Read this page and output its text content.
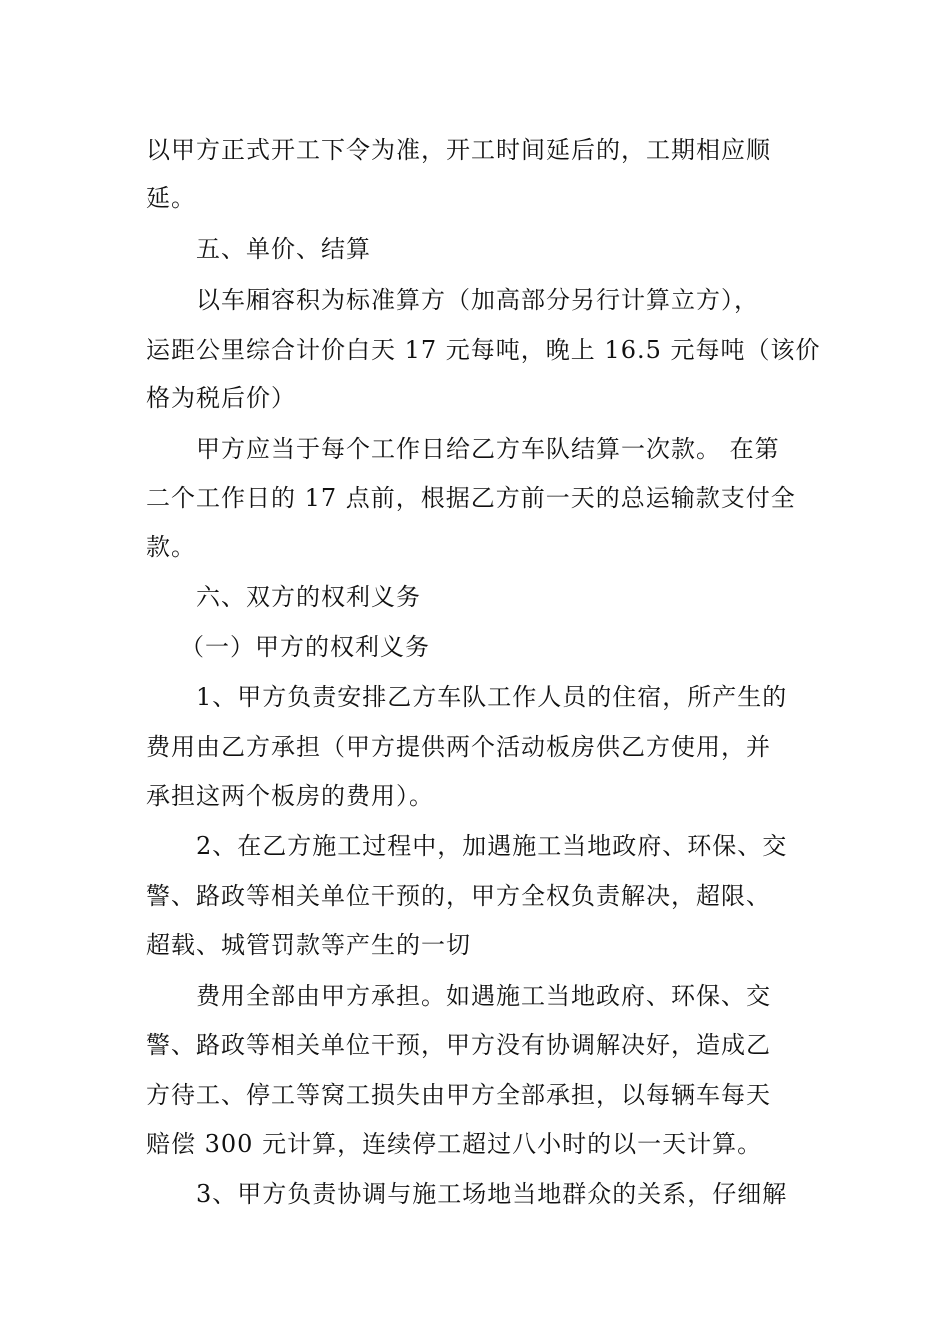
以甲方正式开工下令为准，开工时间延后的，工期相应顺
延。
五、单价、结算
以车厢容积为标准算方（加高部分另行计算立方），
运距公里综合计价白天 17 元每吨，晚上 16.5 元每吨（该价
格为税后价）
甲方应当于每个工作日给乙方车队结算一次款。 在第
二个工作日的 17 点前，根据乙方前一天的总运输款支付全
款。
六、双方的权利义务
（一）甲方的权利义务
1、甲方负责安排乙方车队工作人员的住宿，所产生的
费用由乙方承担（甲方提供两个活动板房供乙方使用，并
承担这两个板房的费用）。
2、在乙方施工过程中，加遇施工当地政府、环保、交
警、路政等相关单位干预的，甲方全权负责解决，超限、
超载、城管罚款等产生的一切
费用全部由甲方承担。如遇施工当地政府、环保、交
警、路政等相关单位干预，甲方没有协调解决好，造成乙
方待工、停工等窝工损失由甲方全部承担，以每辆车每天
赔偿 300 元计算，连续停工超过八小时的以一天计算。
3、甲方负责协调与施工场地当地群众的关系，仔细解
